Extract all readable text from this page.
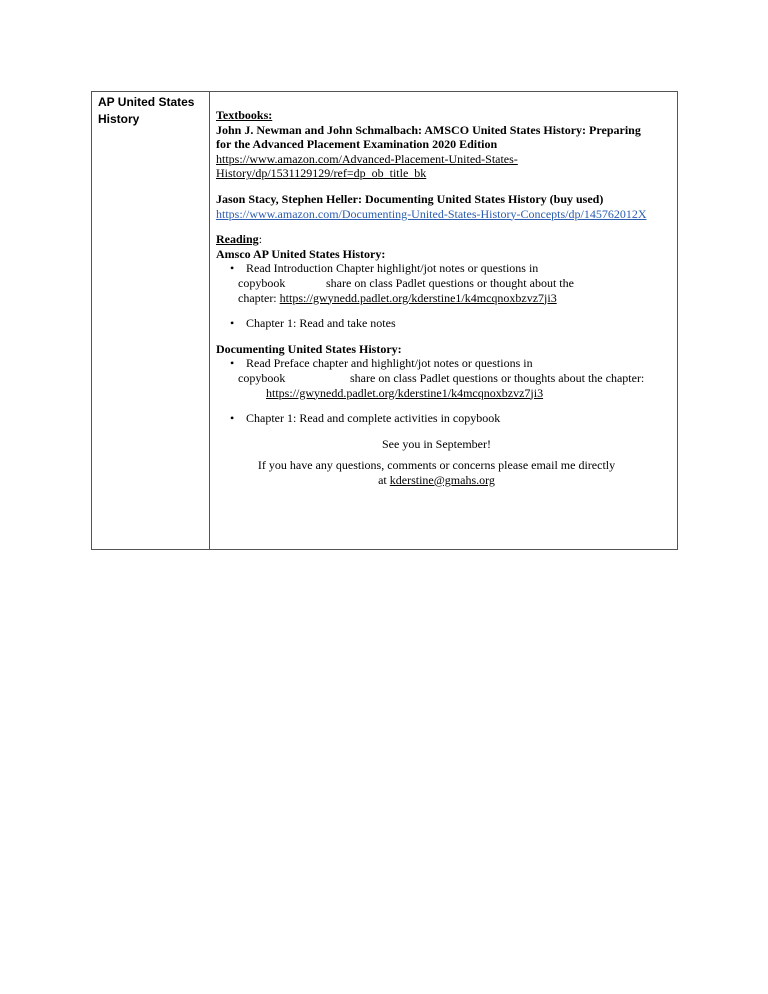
AP United States History	Textbooks:
John J. Newman and John Schmalbach: AMSCO United States History: Preparing
for the Advanced Placement Examination 2020 Edition
https://www.amazon.com/Advanced-Placement-United-States-
History/dp/1531129129/ref=dp_ob_title_bk
Jason Stacy, Stephen Heller: Documenting United States History (buy used)
https://www.amazon.com/Documenting-United-States-History-Concepts/dp/145762012X
Reading:
Amsco AP United States History:
• Read Introduction Chapter highlight/jot notes or questions in
copybook	share on class Padlet questions or thought about the
chapter: https://gwynedd.padlet.org/kderstine1/k4mcqnoxbzvz7ji3
• Chapter 1: Read and take notes
Documenting United States History:
• Read Preface chapter and highlight/jot notes or questions in
copybook	share on class Padlet questions or thoughts about the chapter:
https://gwynedd.padlet.org/kderstine1/k4mcqnoxbzvz7ji3
• Chapter 1: Read and complete activities in copybook
See you in September!
If you have any questions, comments or concerns please email me directly
at kderstine@gmahs.org
